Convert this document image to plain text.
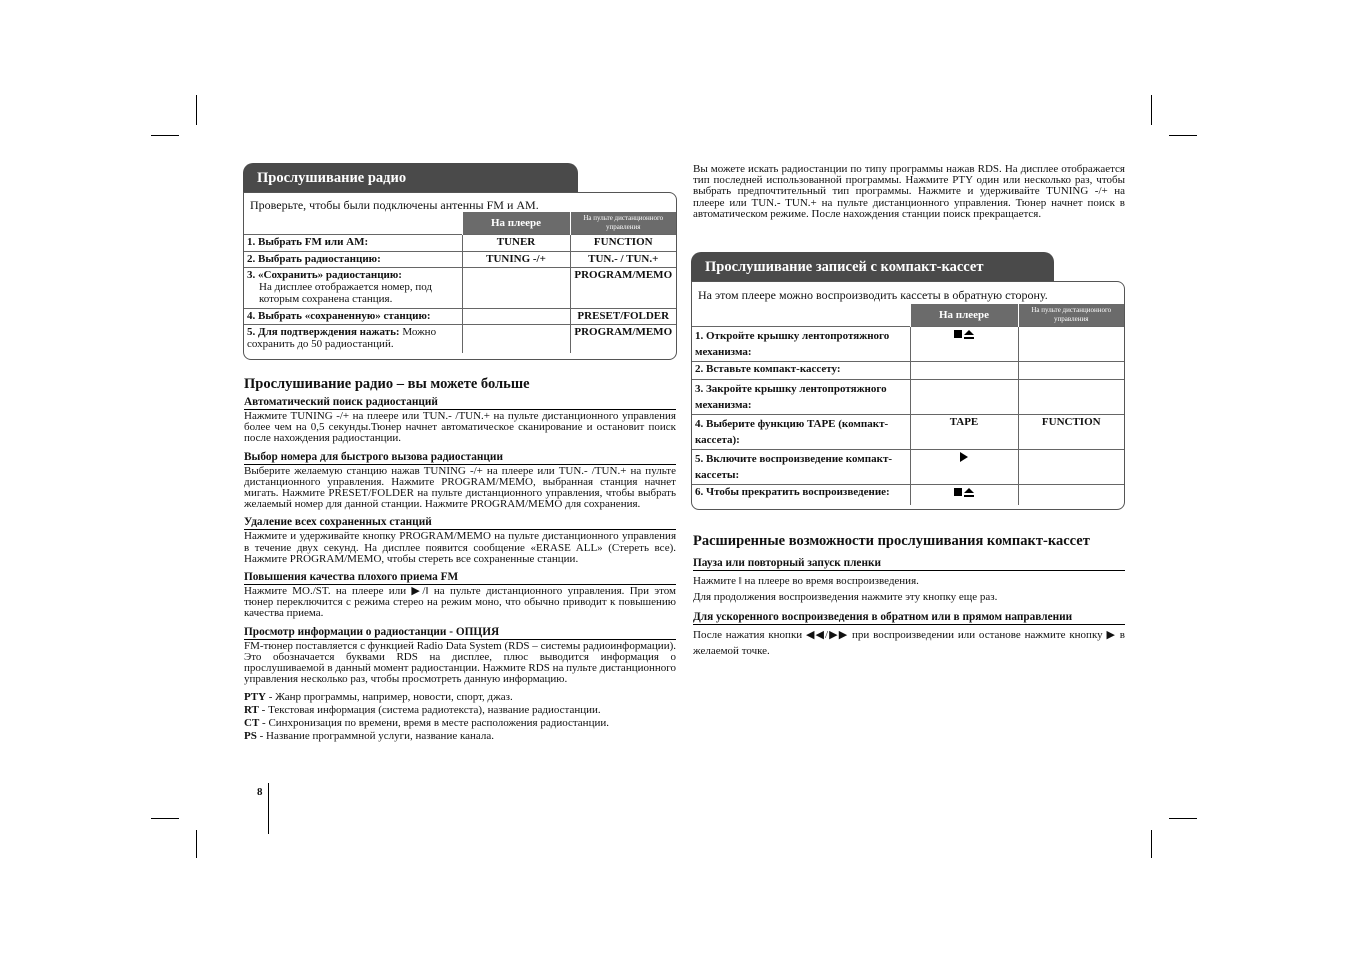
8
Прослушивание радио
Проверьте, чтобы были подключены антенны FM и AM.
	На плеере	На пульте дистанционного управления
1. Выбрать FM или AM:	TUNER	FUNCTION
2. Выбрать радиостанцию:	TUNING -/+	TUN.- / TUN.+
3. «Сохранить» радиостанцию:
На дисплее отображается номер, под которым сохранена станция.		PROGRAM/MEMO
4. Выбрать «сохраненную» станцию:		PRESET/FOLDER
5. Для подтверждения нажать: Можно сохранить до 50 радиостанций.		PROGRAM/MEMO
Прослушивание радио – вы можете больше
Автоматический поиск радиостанций
Нажмите TUNING -/+ на плеере или TUN.- /TUN.+ на пульте дистанционного управления более чем на 0,5 секунды.Тюнер начнет автоматическое сканирование и остановит поиск после нахождения радиостанции.
Выбор номера для быстрого вызова радиостанции
Выберите желаемую станцию нажав TUNING -/+ на плеере или TUN.- /TUN.+ на пульте дистанционного управления. Нажмите PROGRAM/MEMO, выбранная станция начнет мигать. Нажмите PRESET/FOLDER на пульте дистанционного управления, чтобы выбрать желаемый номер для данной станции. Нажмите PROGRAM/MEMO для сохранения.
Удаление всех сохраненных станций
Нажмите и удерживайте кнопку PROGRAM/MEMO на пульте дистанционного управления в течение двух секунд. На дисплее появится сообщение «ERASE ALL» (Стереть все). Нажмите PROGRAM/MEMO, чтобы стереть все сохраненные станции.
Повышения качества плохого приема FM
Нажмите MO./ST. на плеере или ▶/‖ на пульте дистанционного управления. При этом тюнер переключится с режима стерео на режим моно, что обычно приводит к повышению качества приема.
Просмотр информации о радиостанции - ОПЦИЯ
FM-тюнер поставляется с функцией Radio Data System (RDS – системы радиоинформации). Это обозначается буквами RDS на дисплее, плюс выводится информация о прослушиваемой в данный момент радиостанции. Нажмите RDS на пульте дистанционного управления несколько раз, чтобы просмотреть данную информацию.
PTY - Жанр программы, например, новости, спорт, джаз.
RT - Текстовая информация (система радиотекста), название радиостанции.
CT - Синхронизация по времени, время в месте расположения радиостанции.
PS - Название программной услуги, название канала.
Вы можете искать радиостанции по типу программы нажав RDS. На дисплее отображается тип последней использованной программы. Нажмите PTY один или несколько раз, чтобы выбрать предпочтительный тип программы. Нажмите и удерживайте TUNING -/+ на плеере или TUN.- TUN.+ на пульте дистанционного управления. Тюнер начнет поиск в автоматическом режиме. После нахождения станции поиск прекращается.
Прослушивание записей с компакт-кассет
На этом плеере можно воспроизводить кассеты в обратную сторону.
	На плеере	На пульте дистанционного управления
1. Откройте крышку лентопротяжного механизма:		
2. Вставьте компакт-кассету:		
3. Закройте крышку лентопротяжного механизма:		
4. Выберите функцию TAPE (компакт-кассета):	TAPE	FUNCTION
5. Включите воспроизведение компакт-кассеты:		
6. Чтобы прекратить воспроизведение:		
Расширенные возможности прослушивания компакт-кассет
Пауза или повторный запуск пленки
Нажмите ‖ на плеере во время воспроизведения.
Для продолжения воспроизведения нажмите эту кнопку еще раз.
Для ускоренного воспроизведения в обратном или в прямом направлении
После нажатия кнопки ◀◀/▶▶ при воспроизведении или останове нажмите кнопку ▶ в желаемой точке.
